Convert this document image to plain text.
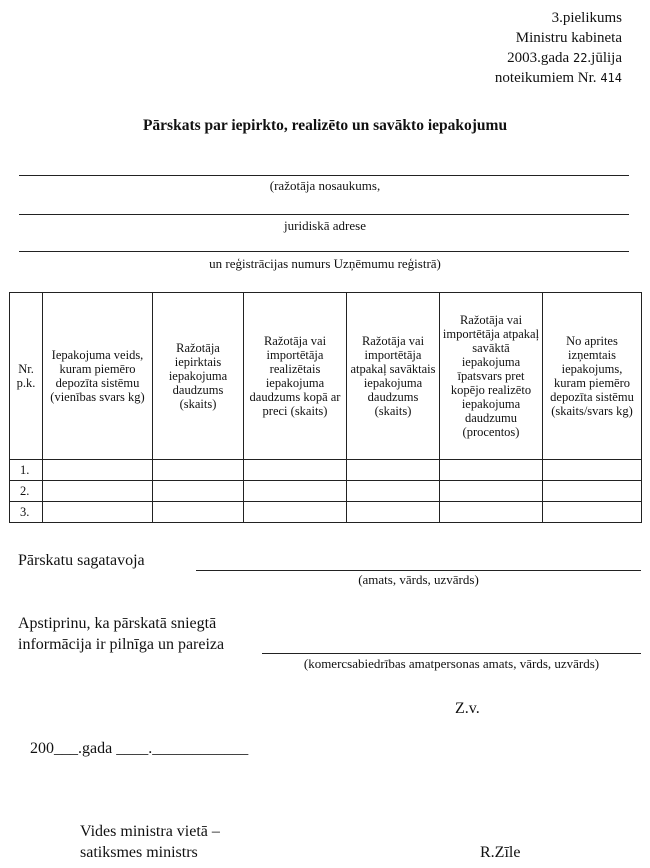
3.pielikums
Ministru kabineta
2003.gada 22.jūlija
noteikumiem Nr. 414
Pārskats par iepirkto, realizēto un savākto iepakojumu
(ražotāja nosaukums,
juridiskā adrese
un reģistrācijas numurs Uzņēmumu reģistrā)
Nr. p.k.	Iepakojuma veids, kuram piemēro depozīta sistēmu (vienības svars kg)	Ražotāja iepirktais iepakojuma daudzums (skaits)	Ražotāja vai importētāja realizētais iepakojuma daudzums kopā ar preci (skaits)	Ražotāja vai importētāja atpakaļ savāktais iepakojuma daudzums (skaits)	Ražotāja vai importētāja atpakaļ savāktā iepakojuma īpatsvars pret kopējo realizēto iepakojuma daudzumu (procentos)	No aprites izņemtais iepakojums, kuram piemēro depozīta sistēmu (skaits/svars kg)
1.						
2.						
3.						
Pārskatu sagatavoja
(amats, vārds, uzvārds)
Apstiprinu, ka pārskatā sniegtā
informācija ir pilnīga un pareiza
(komercsabiedrības amatpersonas amats, vārds, uzvārds)
Z.v.
200___.gada ____.____________
Vides ministra vietā –
satiksmes ministrs	R.Zīle
